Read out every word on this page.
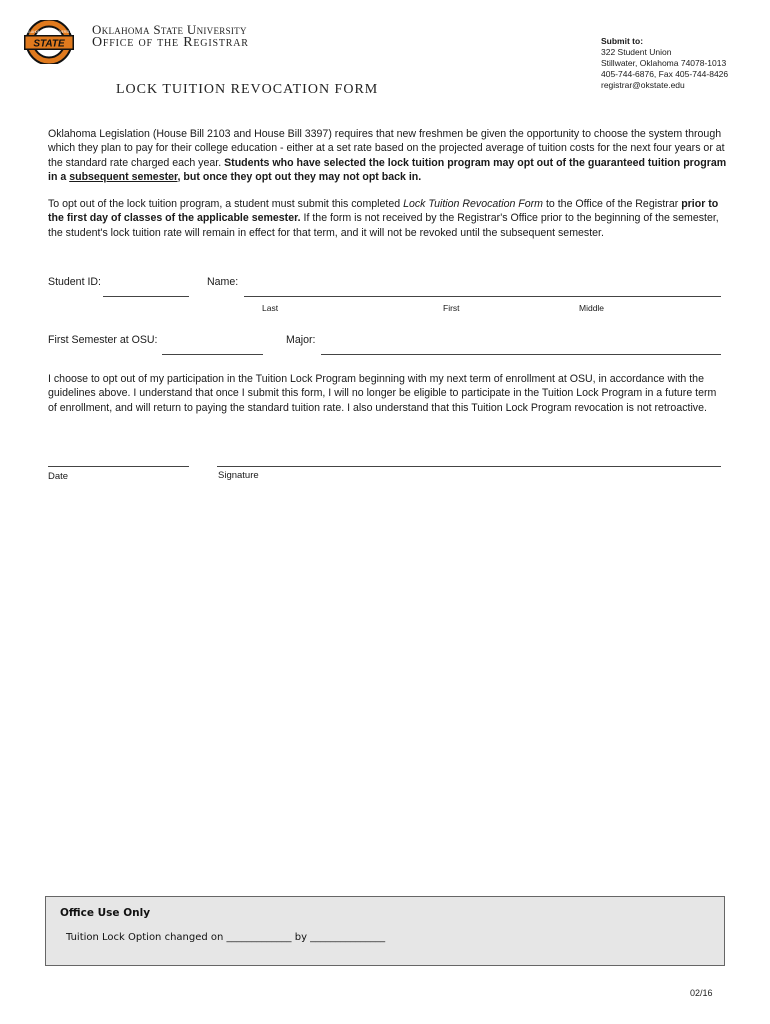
STATE
OKLAHOMA STATE UNIVERSITY Oklahoma State University
Office of the Registrar
LOCK TUITION REVOCATION FORM
Submit to:
322 Student Union
Stillwater, Oklahoma 74078-1013
405-744-6876, Fax 405-744-8426
registrar@okstate.edu
Oklahoma Legislation (House Bill 2103 and House Bill 3397) requires that new freshmen be given the opportunity to choose the system through which they plan to pay for their college education - either at a set rate based on the projected average of tuition costs for the next four years or at the standard rate charged each year. Students who have selected the lock tuition program may opt out of the guaranteed tuition program in a subsequent semester, but once they opt out they may not opt back in.
To opt out of the lock tuition program, a student must submit this completed Lock Tuition Revocation Form to the Office of the Registrar prior to the first day of classes of the applicable semester. If the form is not received by the Registrar's Office prior to the beginning of the semester, the student's lock tuition rate will remain in effect for that term, and it will not be revoked until the subsequent semester.
Student ID:	Name:
Last	First	Middle
First Semester at OSU:	Major:
I choose to opt out of my participation in the Tuition Lock Program beginning with my next term of enrollment at OSU, in accordance with the guidelines above. I understand that once I submit this form, I will no longer be eligible to participate in the Tuition Lock Program in a future term of enrollment, and will return to paying the standard tuition rate. I also understand that this Tuition Lock Program revocation is not retroactive.
Date	Signature
Office Use Only
Tuition Lock Option changed on _____________ by _______________
02/16
